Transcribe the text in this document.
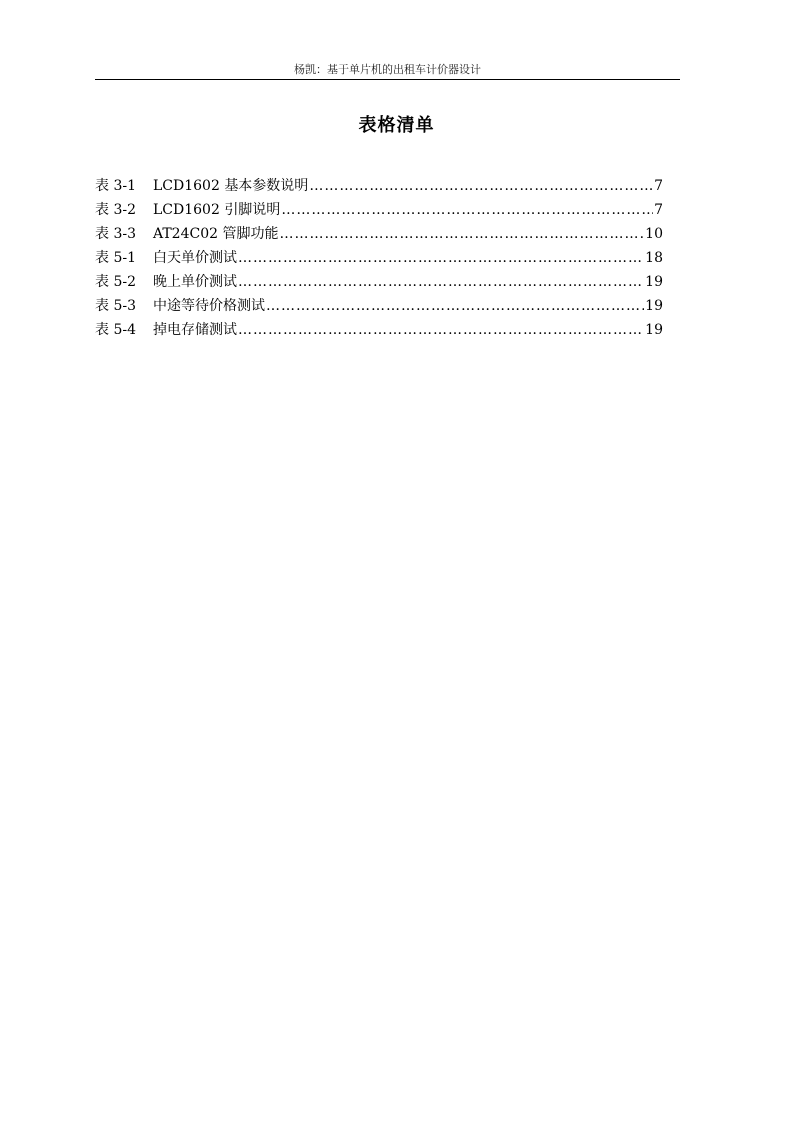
杨凯：基于单片机的出租车计价器设计
表格清单
表 3-1	LCD1602 基本参数说明 ……………………………………………………………………………………………………………………………………………………	7
表 3-2	LCD1602 引脚说明 ……………………………………………………………………………………………………………………………………………………	7
表 3-3	AT24C02 管脚功能 ……………………………………………………………………………………………………………………………………………………	10
表 5-1	白天单价测试 ……………………………………………………………………………………………………………………………………………………	18
表 5-2	晚上单价测试 ……………………………………………………………………………………………………………………………………………………	19
表 5-3	中途等待价格测试 ……………………………………………………………………………………………………………………………………………………	19
表 5-4	掉电存储测试 ……………………………………………………………………………………………………………………………………………………	19
